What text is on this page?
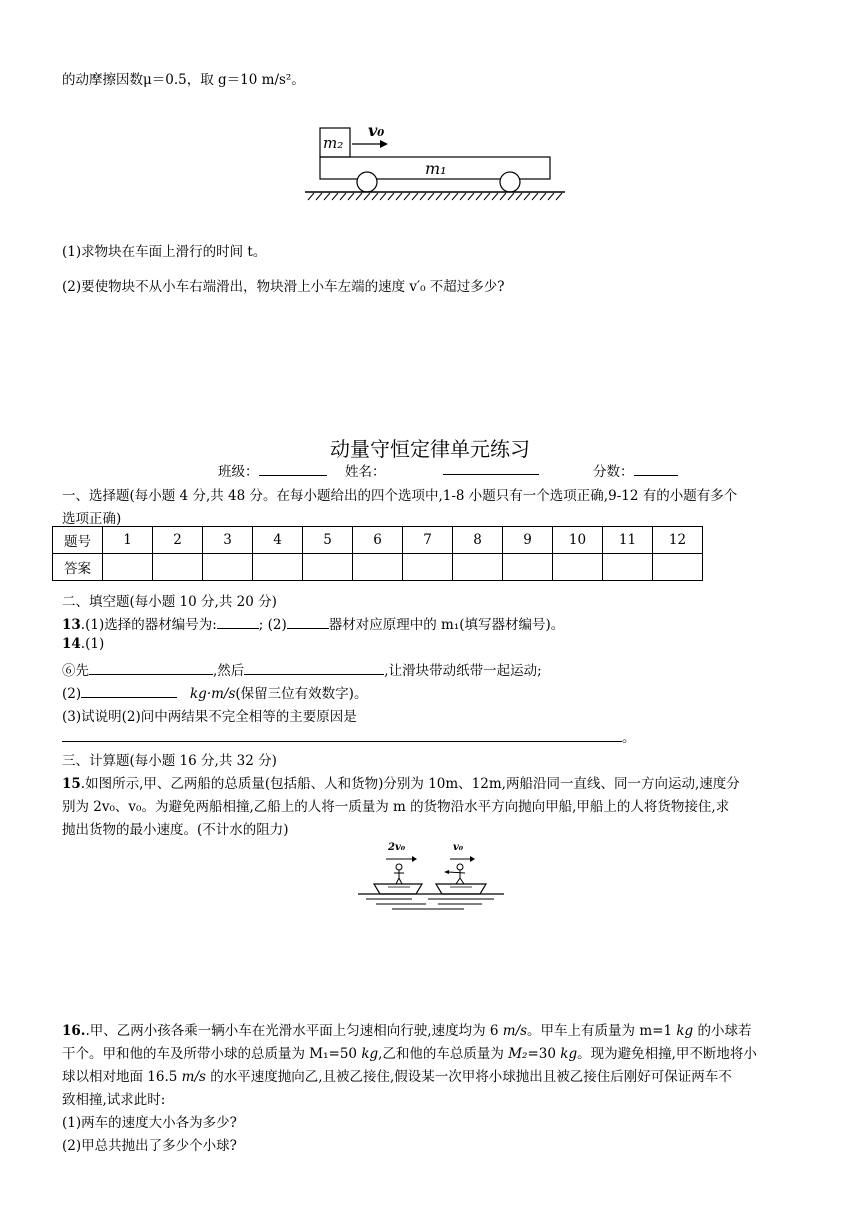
的动摩擦因数μ＝0.5，取 g＝10 m/s²。
m₂
v₀
m₁
(1)求物块在车面上滑行的时间 t。
(2)要使物块不从小车右端滑出，物块滑上小车左端的速度 v′₀ 不超过多少?
动量守恒定律单元练习
班级：	姓名：	分数：
一、选择题(每小题 4 分,共 48 分。在每小题给出的四个选项中,1-8 小题只有一个选项正确,9-12 有的小题有多个
选项正确)
题号	1	2	3	4	5	6	7	8	9	10	11	12
答案												
二、填空题(每小题 10 分,共 20 分)
13.(1)选择的器材编号为:	; (2)	器材对应原理中的 m₁(填写器材编号)。
14.(1)
⑥先	,然后	,让滑块带动纸带一起运动;
(2)	kg·m/s(保留三位有效数字)。
(3)试说明(2)问中两结果不完全相等的主要原因是
。
三、计算题(每小题 16 分,共 32 分)
15.如图所示,甲、乙两船的总质量(包括船、人和货物)分别为 10m、12m,两船沿同一直线、同一方向运动,速度分
别为 2v₀、v₀。为避免两船相撞,乙船上的人将一质量为 m 的货物沿水平方向抛向甲船,甲船上的人将货物接住,求
抛出货物的最小速度。(不计水的阻力)
2v₀	v₀
16..甲、乙两小孩各乘一辆小车在光滑水平面上匀速相向行驶,速度均为 6 m/s。甲车上有质量为 m=1 kg 的小球若
干个。甲和他的车及所带小球的总质量为 M₁=50 kg,乙和他的车总质量为 M₂=30 kg。现为避免相撞,甲不断地将小
球以相对地面 16.5 m/s 的水平速度抛向乙,且被乙接住,假设某一次甲将小球抛出且被乙接住后刚好可保证两车不
致相撞,试求此时:
(1)两车的速度大小各为多少?
(2)甲总共抛出了多少个小球?
